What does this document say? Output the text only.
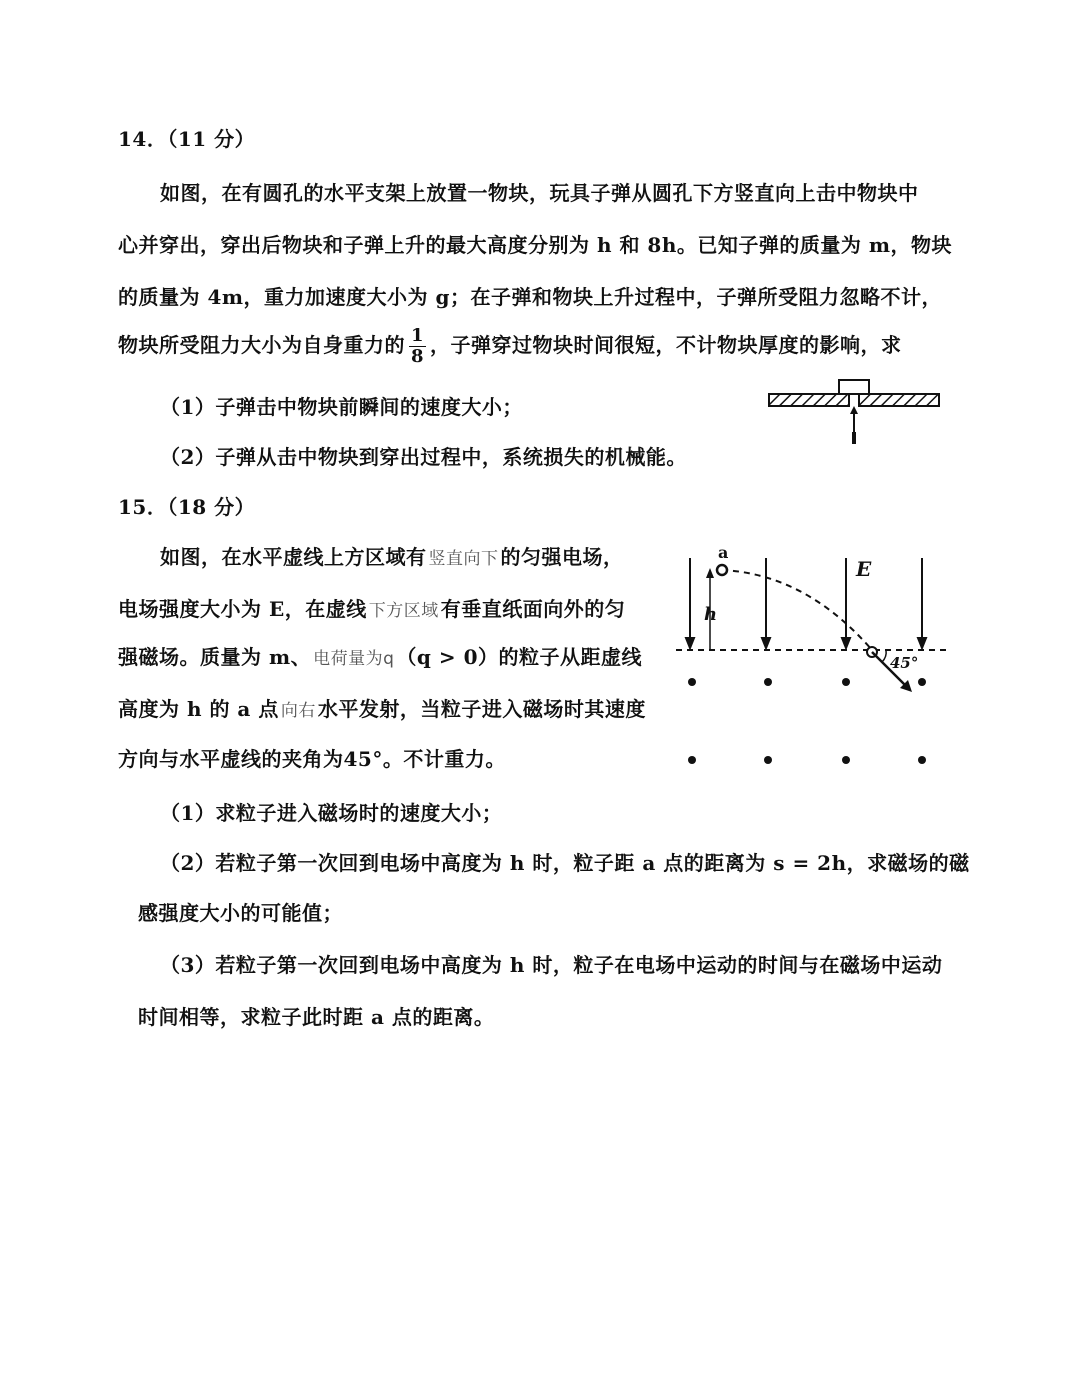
14．（11 分）
如图，在有圆孔的水平支架上放置一物块，玩具子弹从圆孔下方竖直向上击中物块中
心并穿出，穿出后物块和子弹上升的最大高度分别为 h 和 8h。已知子弹的质量为 m，物块
的质量为 4m，重力加速度大小为 g；在子弹和物块上升过程中，子弹所受阻力忽略不计，
物块所受阻力大小为自身重力的 $\frac{1}{8}$ ，子弹穿过物块时间很短，不计物块厚度的影响，求
（1）子弹击中物块前瞬间的速度大小；
（2）子弹从击中物块到穿出过程中，系统损失的机械能。
15．（18 分）
如图，在水平虚线上方区域有 竖直向下 的匀强电场，
电场强度大小为 E，在虚线 下方区域 有垂直纸面向外的匀
强磁场。质量为 m、 电荷量为q （q > 0）的粒子从距虚线
高度为 h 的 a 点 向右 水平发射，当粒子进入磁场时其速度
方向与水平虚线的夹角为45°。不计重力。
（1）求粒子进入磁场时的速度大小；
（2）若粒子第一次回到电场中高度为 h 时，粒子距 a 点的距离为 s = 2h，求磁场的磁
感强度大小的可能值；
（3）若粒子第一次回到电场中高度为 h 时，粒子在电场中运动的时间与在磁场中运动
时间相等，求粒子此时距 a 点的距离。
a
E
h
45°
